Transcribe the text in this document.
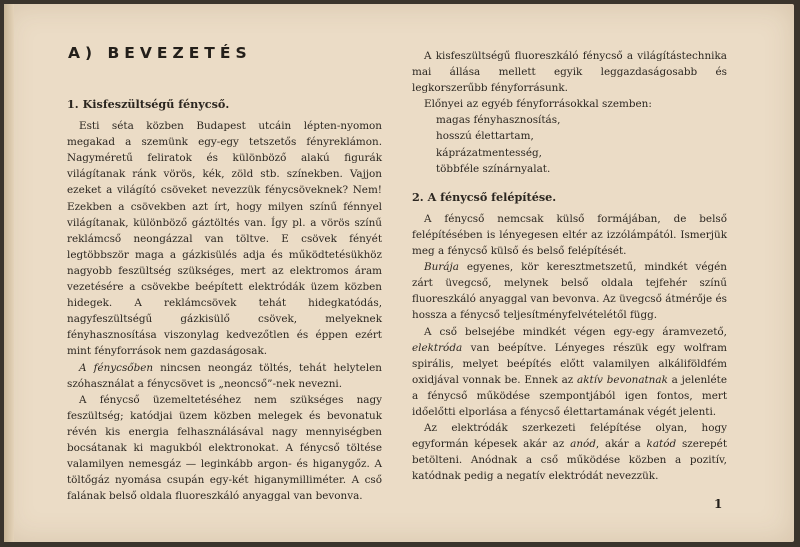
A) BEVEZETÉS
1. Kisfeszültségű fénycső.
Esti séta közben Budapest utcáin lépten-nyomon megakad a szemünk egy-egy tetszetős fényreklámon. Nagyméretű feliratok és különböző alakú figurák világítanak ránk vörös, kék, zöld stb. színekben. Vajjon ezeket a világító csöveket nevezzük fénycsöveknek? Nem! Ezekben a csövekben azt írt, hogy milyen színű fénnyel világítanak, különböző gáztöltés van. Így pl. a vörös színű reklámcső neongázzal van töltve. E csövek fényét legtöbbször maga a gázkisülés adja és működtetésükhöz nagyobb feszültség szükséges, mert az elektromos áram vezetésére a csövekbe beépített elektródák üzem közben hidegek. A reklámcsövek tehát hidegkatódás, nagyfeszültségű gázkisülő csövek, melyeknek fényhasznosítása viszonylag kedvezőtlen és éppen ezért mint fényforrások nem gazdaságosak.
A fénycsőben nincsen neongáz töltés, tehát helytelen szóhasználat a fénycsövet is „neoncső”-nek nevezni.
A fénycső üzemeltetéséhez nem szükséges nagy feszültség; katódjai üzem közben melegek és bevonatuk révén kis energia felhasználásával nagy mennyiségben bocsátanak ki magukból elektronokat. A fénycső töltése valamilyen nemesgáz — leginkább argon- és higanygőz. A töltőgáz nyomása csupán egy-két higanymilliméter. A cső falának belső oldala fluoreszkáló anyaggal van bevonva.
A kisfeszültségű fluoreszkáló fénycső a világítástechnika mai állása mellett egyik leggazdaságosabb és legkorszerűbb fényforrásunk.
Előnyei az egyéb fényforrásokkal szemben:
magas fényhasznosítás,
hosszú élettartam,
káprázatmentesség,
többféle színárnyalat.
2. A fénycső felépítése.
A fénycső nemcsak külső formájában, de belső felépítésében is lényegesen eltér az izzólámpától. Ismerjük meg a fénycső külső és belső felépítését.
Burája egyenes, kör keresztmetszetű, mindkét végén zárt üvegcső, melynek belső oldala tejfehér színű fluoreszkáló anyaggal van bevonva. Az üvegcső átmérője és hossza a fénycső teljesítményfelvételétől függ.
A cső belsejébe mindkét végen egy-egy áramvezető, elektróda van beépítve. Lényeges részük egy wolfram spirális, melyet beépítés előtt valamilyen alkáliföldfém oxidjával vonnak be. Ennek az aktív bevonatnak a jelenléte a fénycső működése szempontjából igen fontos, mert időelőtti elporlása a fénycső élettartamának végét jelenti.
Az elektródák szerkezeti felépítése olyan, hogy egyformán képesek akár az anód, akár a katód szerepét betölteni. Anódnak a cső működése közben a pozitív, katódnak pedig a negatív elektródát nevezzük.
1
